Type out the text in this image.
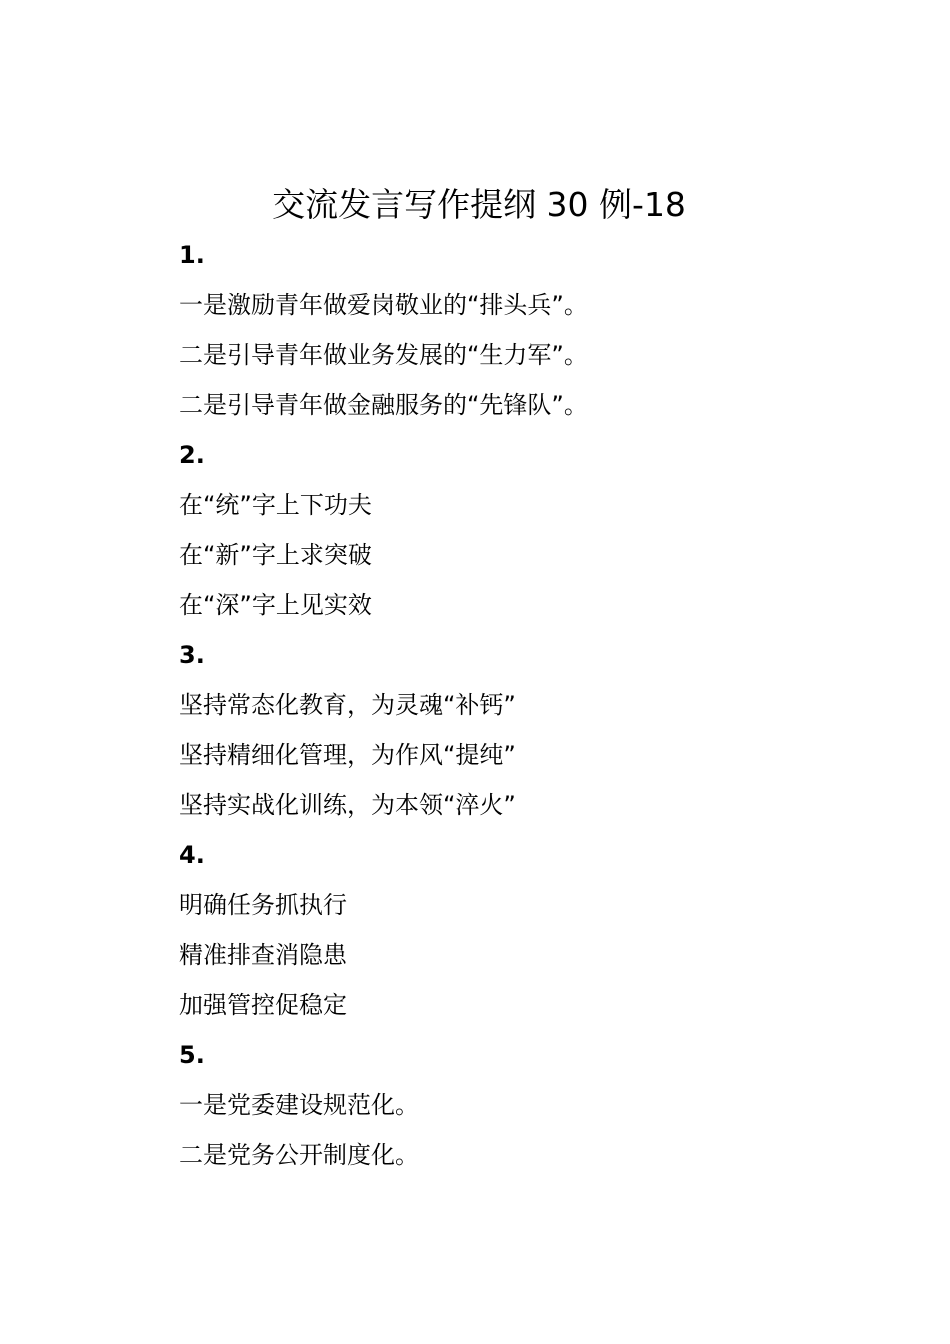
交流发言写作提纲 30 例-18
1.
一是激励青年做爱岗敬业的“排头兵”。
二是引导青年做业务发展的“生力军”。
二是引导青年做金融服务的“先锋队”。
2.
在“统”字上下功夫
在“新”字上求突破
在“深”字上见实效
3.
坚持常态化教育，为灵魂“补钙”
坚持精细化管理，为作风“提纯”
坚持实战化训练，为本领“淬火”
4.
明确任务抓执行
精准排查消隐患
加强管控促稳定
5.
一是党委建设规范化。
二是党务公开制度化。
